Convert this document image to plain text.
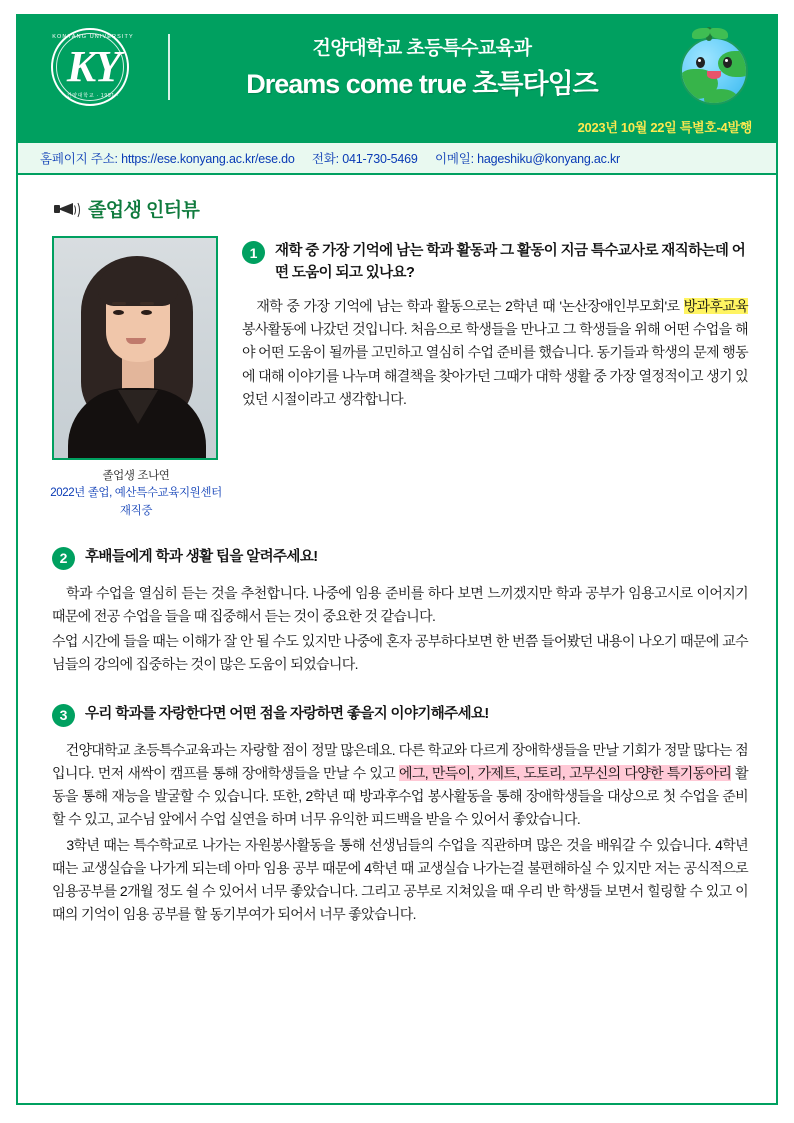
KONYANG UNIVERSITY
KY
건양대학교 · 1991 ·
건양대학교 초등특수교육과
Dreams come true 초특타임즈
2023년 10월 22일 특별호-4발행
홈페이지 주소: https://ese.konyang.ac.kr/ese.do 전화: 041-730-5469 이메일: hageshiku@konyang.ac.kr
졸업생 인터뷰
졸업생 조나연
2022년 졸업, 예산특수교육지원센터 재직중
1	재학 중 가장 기억에 남는 학과 활동과 그 활동이 지금 특수교사로 재직하는데 어떤 도움이 되고 있나요?
　재학 중 가장 기억에 남는 학과 활동으로는 2학년 때 '논산장애인부모회'로 방과후교육 봉사활동에 나갔던 것입니다. 처음으로 학생들을 만나고 그 학생들을 위해 어떤 수업을 해야 어떤 도움이 될까를 고민하고 열심히 수업 준비를 했습니다. 동기들과 학생의 문제 행동에 대해 이야기를 나누며 해결책을 찾아가던 그때가 대학 생활 중 가장 열정적이고 생기 있었던 시절이라고 생각합니다.
2	후배들에게 학과 생활 팁을 알려주세요!

　학과 수업을 열심히 듣는 것을 추천합니다. 나중에 임용 준비를 하다 보면 느끼겠지만 학과 공부가 임용고시로 이어지기 때문에 전공 수업을 들을 때 집중해서 듣는 것이 중요한 것 같습니다.

수업 시간에 들을 때는 이해가 잘 안 될 수도 있지만 나중에 혼자 공부하다보면 한 번쯤 들어봤던 내용이 나오기 때문에 교수님들의 강의에 집중하는 것이 많은 도움이 되었습니다.

3	우리 학과를 자랑한다면 어떤 점을 자랑하면 좋을지 이야기해주세요!

　건양대학교 초등특수교육과는 자랑할 점이 정말 많은데요. 다른 학교와 다르게 장애학생들을 만날 기회가 정말 많다는 점입니다. 먼저 새싹이 캠프를 통해 장애학생들을 만날 수 있고 에그, 만득이, 가제트, 도토리, 고무신의 다양한 특기동아리 활동을 통해 재능을 발굴할 수 있습니다. 또한, 2학년 때 방과후수업 봉사활동을 통해 장애학생들을 대상으로 첫 수업을 준비할 수 있고, 교수님 앞에서 수업 실연을 하며 너무 유익한 피드백을 받을 수 있어서 좋았습니다.

　3학년 때는 특수학교로 나가는 자원봉사활동을 통해 선생님들의 수업을 직관하며 많은 것을 배워갈 수 있습니다. 4학년 때는 교생실습을 나가게 되는데 아마 임용 공부 때문에 4학년 때 교생실습 나가는걸 불편해하실 수 있지만 저는 공식적으로 임용공부를 2개월 정도 쉴 수 있어서 너무 좋았습니다. 그리고 공부로 지쳐있을 때 우리 반 학생들 보면서 힐링할 수 있고 이때의 기억이 임용 공부를 할 동기부여가 되어서 너무 좋았습니다.
